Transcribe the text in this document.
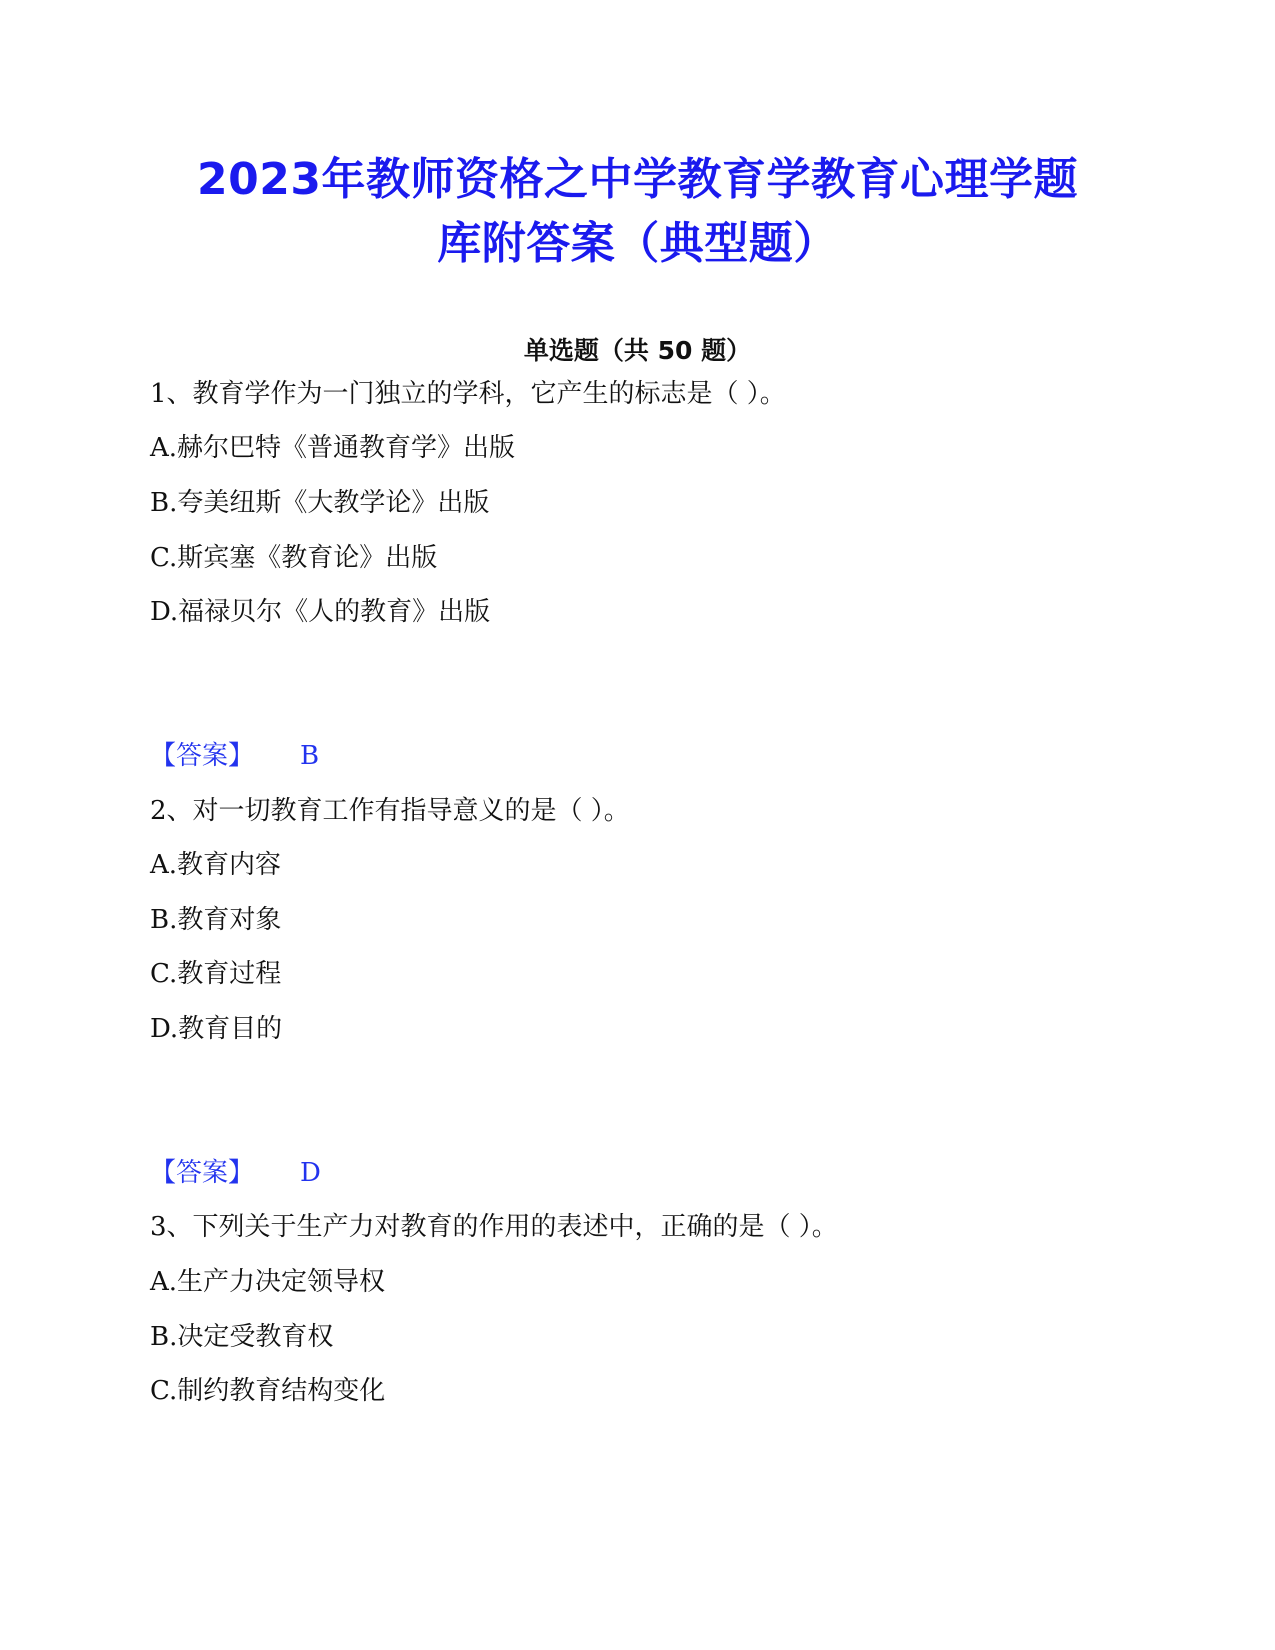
2023年教师资格之中学教育学教育心理学题
库附答案（典型题）
单选题（共 50 题）
1、教育学作为一门独立的学科，它产生的标志是（ ）。
A.赫尔巴特《普通教育学》出版
B.夸美纽斯《大教学论》出版
C.斯宾塞《教育论》出版
D.福禄贝尔《人的教育》出版
【答案】 B
2、对一切教育工作有指导意义的是（ ）。
A.教育内容
B.教育对象
C.教育过程
D.教育目的
【答案】 D
3、下列关于生产力对教育的作用的表述中，正确的是（ ）。
A.生产力决定领导权
B.决定受教育权
C.制约教育结构变化
